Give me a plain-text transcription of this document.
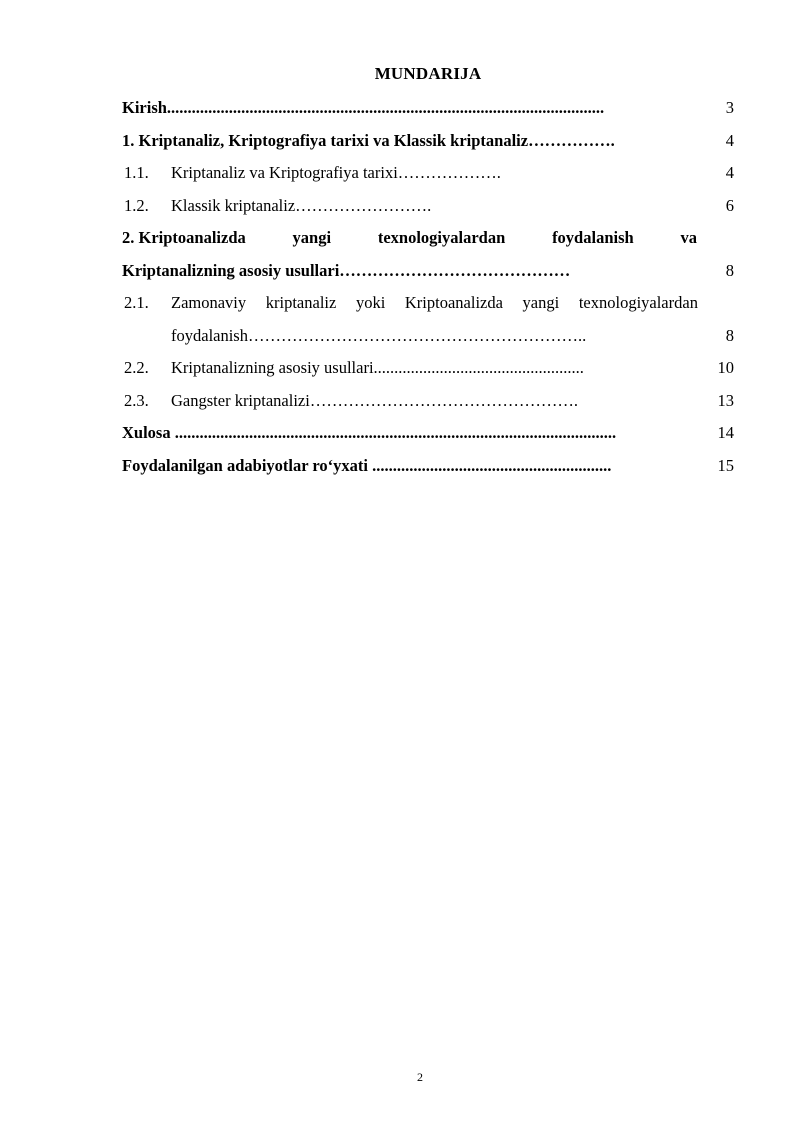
MUNDARIJA
Kirish..........................................................................................................	3
1. Kriptanaliz, Kriptografiya tarixi va Klassik kriptanaliz…………….	4
1.1. Kriptanaliz va Kriptografiya tarixi……………….	4
1.2. Klassik kriptanaliz…………………….	6
2. Kriptoanalizda	yangi	texnologiyalardan	foydalanish	va
Kriptanalizning asosiy usullari……………………………………	8
2.1.	Zamonaviy kriptanaliz yoki Kriptoanalizda yangi texnologiyalardan
foydalanish……………………………………………………..	8
2.2. Kriptanalizning asosiy usullari...................................................	10
2.3. Gangster kriptanalizi………………………………………….	13
Xulosa ...........................................................................................................	14
Foydalanilgan adabiyotlar ro‘yxati ..........................................................	15
2
